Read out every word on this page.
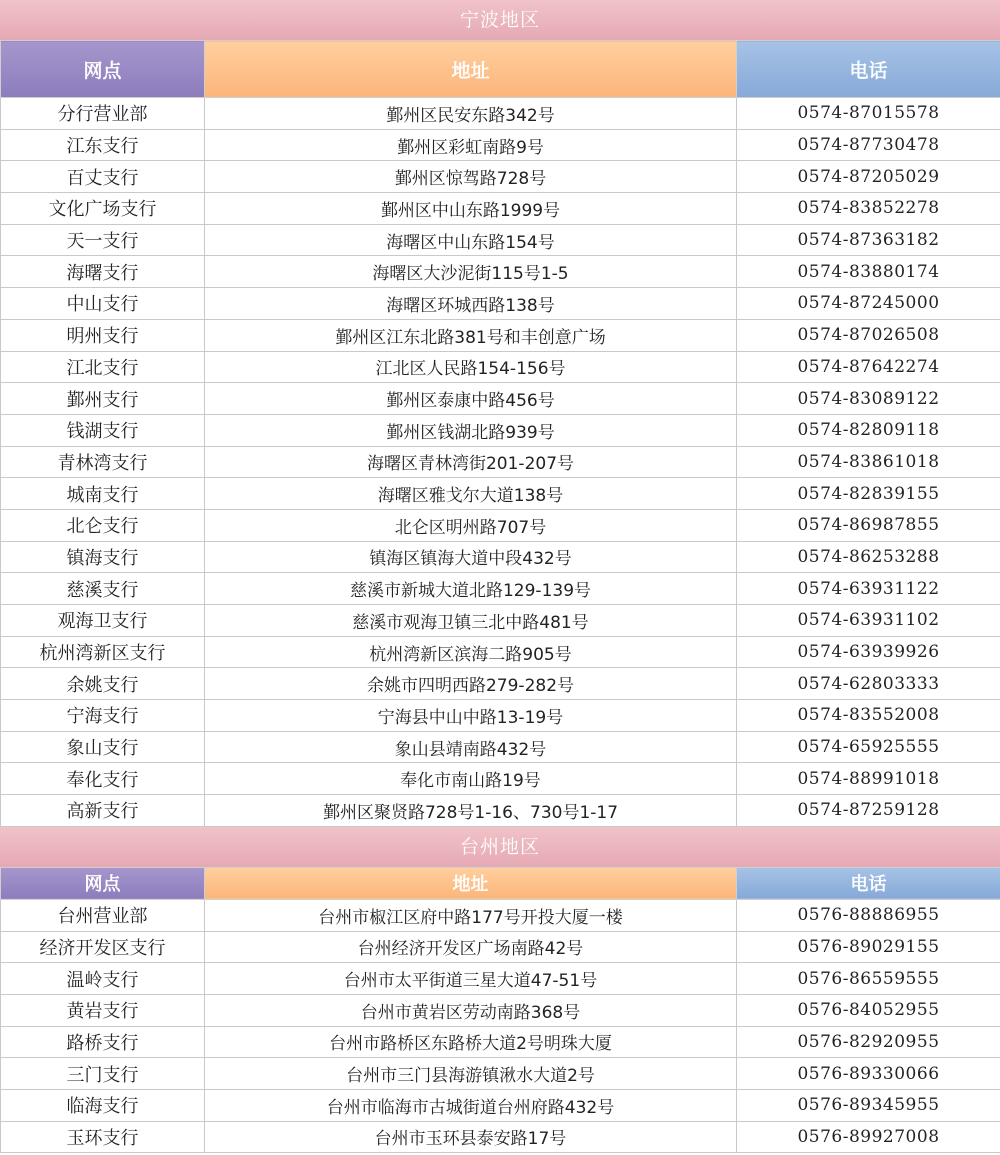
宁波地区
网点	地址	电话
分行营业部	鄞州区民安东路342号	0574-87015578
江东支行	鄞州区彩虹南路9号	0574-87730478
百丈支行	鄞州区惊驾路728号	0574-87205029
文化广场支行	鄞州区中山东路1999号	0574-83852278
天一支行	海曙区中山东路154号	0574-87363182
海曙支行	海曙区大沙泥街115号1-5	0574-83880174
中山支行	海曙区环城西路138号	0574-87245000
明州支行	鄞州区江东北路381号和丰创意广场	0574-87026508
江北支行	江北区人民路154-156号	0574-87642274
鄞州支行	鄞州区泰康中路456号	0574-83089122
钱湖支行	鄞州区钱湖北路939号	0574-82809118
青林湾支行	海曙区青林湾街201-207号	0574-83861018
城南支行	海曙区雅戈尔大道138号	0574-82839155
北仑支行	北仑区明州路707号	0574-86987855
镇海支行	镇海区镇海大道中段432号	0574-86253288
慈溪支行	慈溪市新城大道北路129-139号	0574-63931122
观海卫支行	慈溪市观海卫镇三北中路481号	0574-63931102
杭州湾新区支行	杭州湾新区滨海二路905号	0574-63939926
余姚支行	余姚市四明西路279-282号	0574-62803333
宁海支行	宁海县中山中路13-19号	0574-83552008
象山支行	象山县靖南路432号	0574-65925555
奉化支行	奉化市南山路19号	0574-88991018
高新支行	鄞州区聚贤路728号1-16、730号1-17	0574-87259128
台州地区
网点	地址	电话
台州营业部	台州市椒江区府中路177号开投大厦一楼	0576-88886955
经济开发区支行	台州经济开发区广场南路42号	0576-89029155
温岭支行	台州市太平街道三星大道47-51号	0576-86559555
黄岩支行	台州市黄岩区劳动南路368号	0576-84052955
路桥支行	台州市路桥区东路桥大道2号明珠大厦	0576-82920955
三门支行	台州市三门县海游镇湫水大道2号	0576-89330066
临海支行	台州市临海市古城街道台州府路432号	0576-89345955
玉环支行	台州市玉环县泰安路17号	0576-89927008
